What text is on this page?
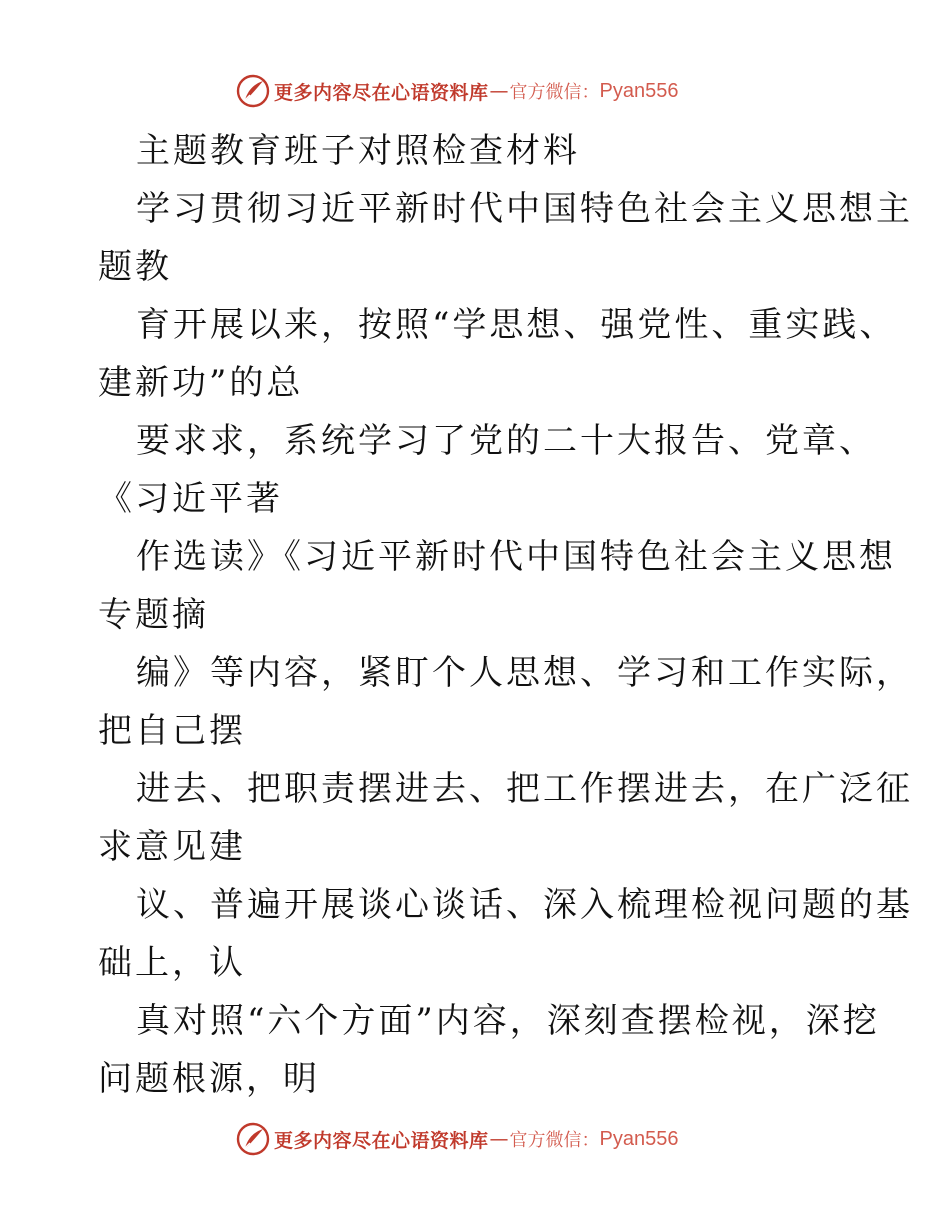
更多内容尽在心语资料库 — 官方微信： Pyan556
主题教育班子对照检查材料
学习贯彻习近平新时代中国特色社会主义思想主
题教
育开展以来，按照“学思想、强党性、重实践、
建新功”的总
要求求，系统学习了党的二十大报告、党章、
《习近平著
作选读》《习近平新时代中国特色社会主义思想
专题摘
编》等内容，紧盯个人思想、学习和工作实际，
把自己摆
进去、把职责摆进去、把工作摆进去，在广泛征
求意见建
议、普遍开展谈心谈话、深入梳理检视问题的基
础上，认
真对照“六个方面”内容，深刻查摆检视，深挖
问题根源，明
更多内容尽在心语资料库 — 官方微信： Pyan556
